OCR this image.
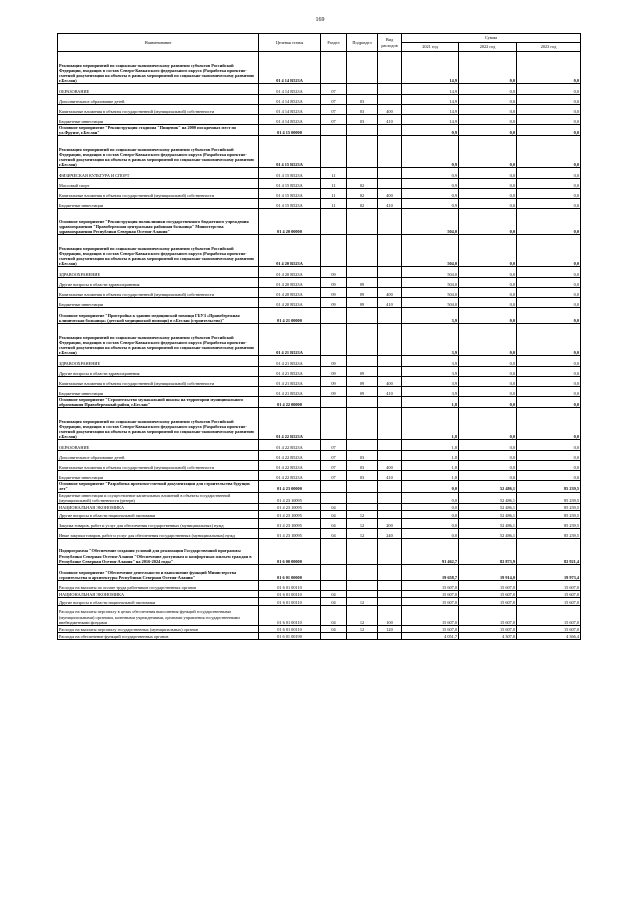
169
Наименование	Целевая статья	Раздел	Подраздел	Вид расходов	Сумма		
					2021 год	2022 год	2023 год
Реализация мероприятий по социально-экономическому развитию субъектов Российской Федерации, входящих в состав Северо-Кавказского федерального округа (Разработка проектно-сметной документации на объекты в рамках мероприятий по социально-экономическому развитию г.Беслан)	01 4 14 R523A				14,9	0,0	0,0
ОБРАЗОВАНИЕ	01 4 14 R523A	07			14,9	0,0	0,0
Дополнительное образование детей	01 4 14 R523A	07	03		14,9	0,0	0,0
Капитальные вложения в объекты государственной (муниципальной) собственности	01 4 14 R523A	07	03	400	14,9	0,0	0,0
Бюджетные инвестиции	01 4 14 R523A	07	03	410	14,9	0,0	0,0
Основное мероприятие "Реконструкция стадиона "Пищевик" на 2000 посадочных мест по ул.Фрунзе, г.Беслан"	01 4 15 00000				0,9	0,0	0,0
Реализация мероприятий по социально-экономическому развитию субъектов Российской Федерации, входящих в состав Северо-Кавказского федерального округа (Разработка проектно-сметной документации на объекты в рамках мероприятий по социально-экономическому развитию г.Беслан)	01 4 15 R523A				0,9	0,0	0,0
ФИЗИЧЕСКАЯ КУЛЬТУРА И СПОРТ	01 4 15 R523A	11			0,9	0,0	0,0
Массовый спорт	01 4 15 R523A	11	02		0,9	0,0	0,0
Капитальные вложения в объекты государственной (муниципальной) собственности	01 4 15 R523A	11	02	400	0,9	0,0	0,0
Бюджетные инвестиции	01 4 15 R523A	11	02	410	0,9	0,0	0,0
Основное мероприятие "Реконструкция поликлиники государственного бюджетного учреждения здравоохранения "Правобережная центральная районная больница" Министерства здравоохранения Республики Северная Осетия-Алания"	01 4 20 00000				504,0	0,0	0,0
Реализация мероприятий по социально-экономическому развитию субъектов Российской Федерации, входящих в состав Северо-Кавказского федерального округа (Разработка проектно-сметной документации на объекты в рамках мероприятий по социально-экономическому развитию г.Беслан)	01 4 20 R523A				504,0	0,0	0,0
ЗДРАВООХРАНЕНИЕ	01 4 20 R523A	09			504,0	0,0	0,0
Другие вопросы в области здравоохранения	01 4 20 R523A	09	09		504,0	0,0	0,0
Капитальные вложения в объекты государственной (муниципальной) собственности	01 4 20 R523A	09	09	400	504,0	0,0	0,0
Бюджетные инвестиции	01 4 20 R523A	09	09	410	504,0	0,0	0,0
Основное мероприятие "Пристройка к зданию медицинской помощи ГБУЗ «Правобережная клиническая больница» (детской медицинской помощи) в г.Беслан (строительство)"	01 4 21 00000				3,9	0,0	0,0
Реализация мероприятий по социально-экономическому развитию субъектов Российской Федерации, входящих в состав Северо-Кавказского федерального округа (Разработка проектно-сметной документации на объекты в рамках мероприятий по социально-экономическому развитию г.Беслан)	01 4 21 R523A				3,9	0,0	0,0
ЗДРАВООХРАНЕНИЕ	01 4 21 R523A	09			3,9	0,0	0,0
Другие вопросы в области здравоохранения	01 4 21 R523A	09	09		3,9	0,0	0,0
Капитальные вложения в объекты государственной (муниципальной) собственности	01 4 21 R523A	09	09	400	3,9	0,0	0,0
Бюджетные инвестиции	01 4 21 R523A	09	09	410	3,9	0,0	0,0
Основное мероприятие "Строительство музыкальной школы на территории муниципального образования Правобережный район, г.Беслан"	01 4 22 00000				1,8	0,0	0,0
Реализация мероприятий по социально-экономическому развитию субъектов Российской Федерации, входящих в состав Северо-Кавказского федерального округа (Разработка проектно-сметной документации на объекты в рамках мероприятий по социально-экономическому развитию г.Беслан)	01 4 22 R523A				1,8	0,0	0,0
ОБРАЗОВАНИЕ	01 4 22 R523A	07			1,8	0,0	0,0
Дополнительное образование детей	01 4 22 R523A	07	03		1,8	0,0	0,0
Капитальные вложения в объекты государственной (муниципальной) собственности	01 4 22 R523A	07	03	400	1,8	0,0	0,0
Бюджетные инвестиции	01 4 22 R523A	07	03	410	1,8	0,0	0,0
Основное мероприятие "Разработка проектно-сметной документации для строительства будущих лет"	01 4 23 00000				0,0	52 486,1	85 239,5
Бюджетные инвестиции и осуществление капитальных вложений в объекты государственной (муниципальной) собственности (резерв)	01 4 23 10095				0,0	52 486,1	85 239,5
НАЦИОНАЛЬНАЯ ЭКОНОМИКА	01 4 23 10095	04			0,0	52 486,1	85 239,5
Другие вопросы в области национальной экономики	01 4 23 10095	04	12		0,0	52 486,1	85 239,5
Закупка товаров, работ и услуг для обеспечения государственных (муниципальных) нужд	01 4 23 10095	04	12	200	0,0	52 486,1	85 239,5
Иные закупки товаров, работ и услуг для обеспечения государственных (муниципальных) нужд	01 4 23 10095	04	12	240	0,0	52 486,1	85 239,5
Подпрограмма "Обеспечение создания условий для реализации Государственной программы Республики Северная Осетия-Алания "Обеспечение доступным и комфортным жильем граждан в Республике Северная Осетия-Алания" на 2016-2024 годы"	01 6 00 00000				91 462,7	82 873,9	82 921,4
Основное мероприятие "Обеспечение деятельности и выполнение функций Министерства строительства и архитектуры Республики Северная Осетия-Алания"	01 6 01 00000				19 658,7	19 914,0	19 973,4
Расходы на выплаты по оплате труда работников государственных органов	01 6 01 00110				15 607,0	15 607,0	15 607,0
НАЦИОНАЛЬНАЯ ЭКОНОМИКА	01 6 01 00110	04			15 607,0	15 607,0	15 607,0
Другие вопросы в области национальной экономики	01 6 01 00110	04	12		15 607,0	15 607,0	15 607,0
Расходы на выплаты персоналу в целях обеспечения выполнения функций государственными (муниципальными) органами, казенными учреждениями, органами управления государственными внебюджетными фондами	01 6 01 00110	04	12	100	15 607,0	15 607,0	15 607,0
Расходы на выплаты персоналу государственных (муниципальных) органов	01 6 01 00110	04	12	120	15 607,0	15 607,0	15 607,0
Расходы на обеспечение функций государственных органов	01 6 01 00190				4 051,7	4 307,0	4 366,4
